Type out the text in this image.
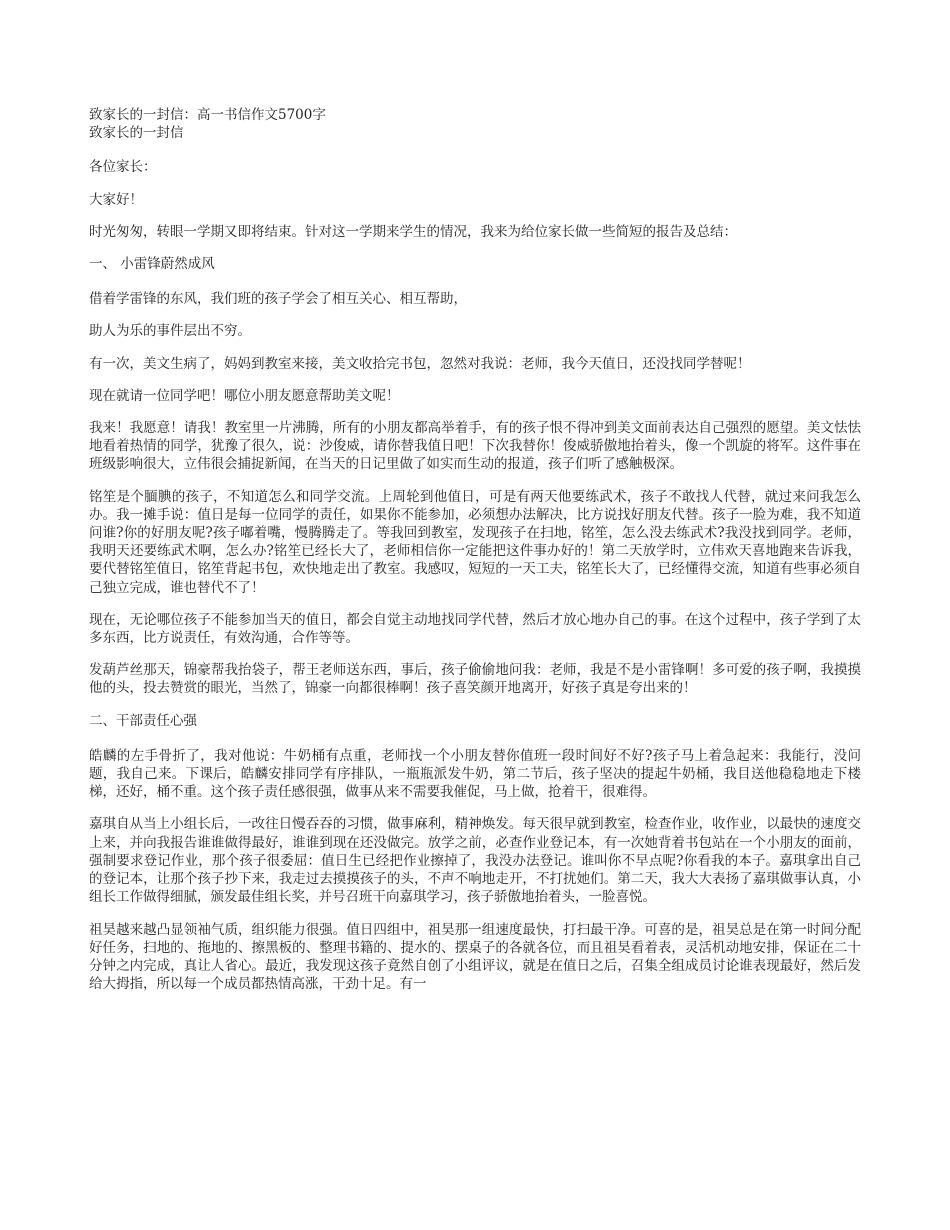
致家长的一封信：高一书信作文5700字

致家长的一封信

各位家长：

大家好！

时光匆匆，转眼一学期又即将结束。针对这一学期来学生的情况，我来为给位家长做一些简短的报告及总结：

一、 小雷锋蔚然成风

借着学雷锋的东风，我们班的孩子学会了相互关心、相互帮助，

助人为乐的事件层出不穷。

有一次，美文生病了，妈妈到教室来接，美文收拾完书包，忽然对我说：老师，我今天值日，还没找同学替呢！

现在就请一位同学吧！哪位小朋友愿意帮助美文呢！

我来！我愿意！请我！教室里一片沸腾，所有的小朋友都高举着手，有的孩子恨不得冲到美文面前表达自己强烈的愿望。美文怯怯地看着热情的同学，犹豫了很久，说：沙俊威，请你替我值日吧！下次我替你！俊威骄傲地抬着头，像一个凯旋的将军。这件事在班级影响很大，立伟很会捕捉新闻，在当天的日记里做了如实而生动的报道，孩子们听了感触极深。

铭笙是个腼腆的孩子，不知道怎么和同学交流。上周轮到他值日，可是有两天他要练武术，孩子不敢找人代替，就过来问我怎么办。我一摊手说：值日是每一位同学的责任，如果你不能参加，必须想办法解决，比方说找好朋友代替。孩子一脸为难，我不知道问谁?你的好朋友呢?孩子嘟着嘴，慢腾腾走了。等我回到教室，发现孩子在扫地，铭笙，怎么没去练武术?我没找到同学。老师，我明天还要练武术啊，怎么办?铭笙已经长大了，老师相信你一定能把这件事办好的！第二天放学时，立伟欢天喜地跑来告诉我，要代替铭笙值日，铭笙背起书包，欢快地走出了教室。我感叹，短短的一天工夫，铭笙长大了，已经懂得交流，知道有些事必须自己独立完成，谁也替代不了！

现在，无论哪位孩子不能参加当天的值日，都会自觉主动地找同学代替，然后才放心地办自己的事。在这个过程中，孩子学到了太多东西，比方说责任，有效沟通，合作等等。

发葫芦丝那天，锦豪帮我抬袋子，帮王老师送东西，事后，孩子偷偷地问我：老师，我是不是小雷锋啊！多可爱的孩子啊，我摸摸他的头，投去赞赏的眼光，当然了，锦豪一向都很棒啊！孩子喜笑颜开地离开，好孩子真是夸出来的！

二、干部责任心强

皓麟的左手骨折了，我对他说：牛奶桶有点重，老师找一个小朋友替你值班一段时间好不好?孩子马上着急起来：我能行，没问题，我自己来。下课后，皓麟安排同学有序排队，一瓶瓶派发牛奶，第二节后，孩子坚决的提起牛奶桶，我目送他稳稳地走下楼梯，还好，桶不重。这个孩子责任感很强，做事从来不需要我催促，马上做，抢着干，很难得。

嘉琪自从当上小组长后，一改往日慢吞吞的习惯，做事麻利，精神焕发。每天很早就到教室，检查作业，收作业，以最快的速度交上来，并向我报告谁谁做得最好，谁谁到现在还没做完。放学之前，必查作业登记本，有一次她背着书包站在一个小朋友的面前，强制要求登记作业，那个孩子很委屈：值日生已经把作业擦掉了，我没办法登记。谁叫你不早点呢?你看我的本子。嘉琪拿出自己的登记本，让那个孩子抄下来，我走过去摸摸孩子的头，不声不响地走开，不打扰她们。第二天，我大大表扬了嘉琪做事认真，小组长工作做得细腻，颁发最佳组长奖，并号召班干向嘉琪学习，孩子骄傲地抬着头，一脸喜悦。

祖昊越来越凸显领袖气质，组织能力很强。值日四组中，祖昊那一组速度最快，打扫最干净。可喜的是，祖昊总是在第一时间分配好任务，扫地的、拖地的、擦黑板的、整理书籍的、提水的、摆桌子的各就各位，而且祖昊看着表，灵活机动地安排，保证在二十分钟之内完成，真让人省心。最近，我发现这孩子竟然自创了小组评议，就是在值日之后，召集全组成员讨论谁表现最好，然后发给大拇指，所以每一个成员都热情高涨，干劲十足。有一
